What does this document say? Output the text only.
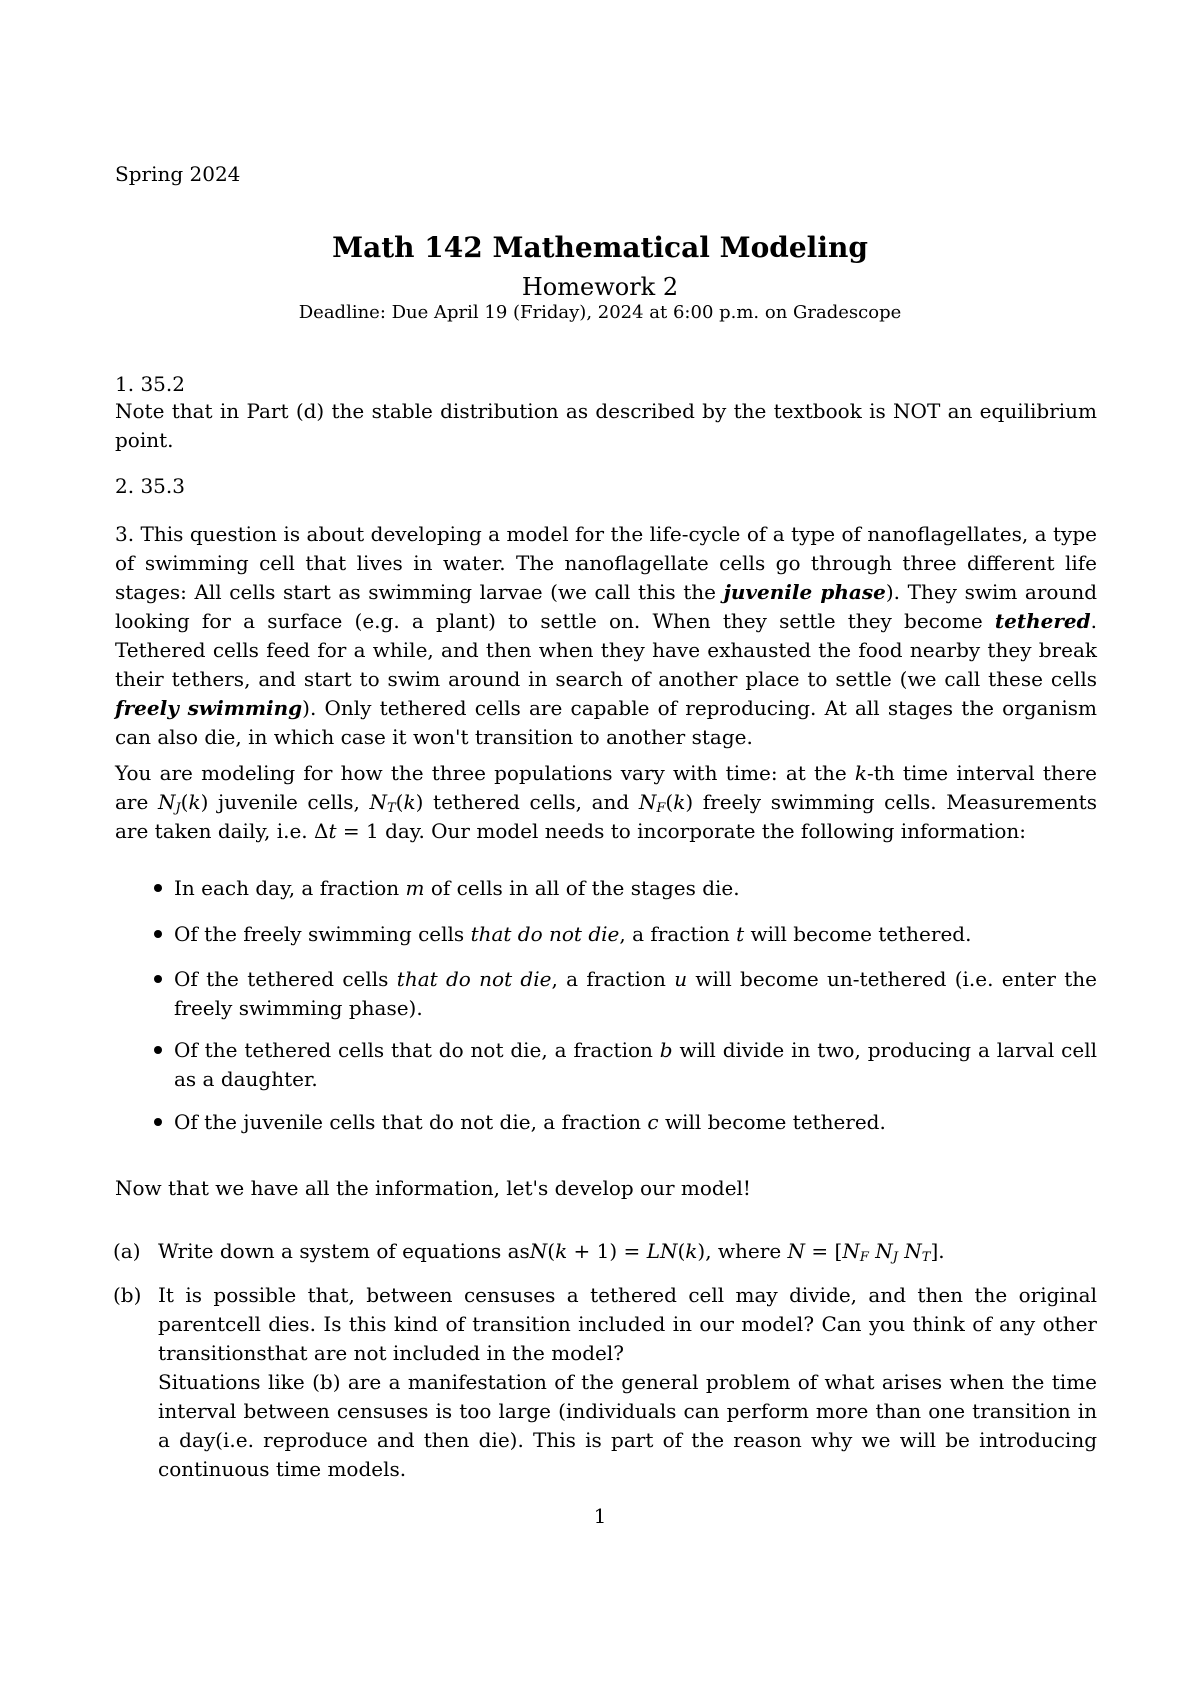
Spring 2024
Math 142 Mathematical Modeling
Homework 2
Deadline: Due April 19 (Friday), 2024 at 6:00 p.m. on Gradescope
1. 35.2
Note that in Part (d) the stable distribution as described by the textbook is NOT an equilibrium point.
2. 35.3
3. This question is about developing a model for the life-cycle of a type of nanoflagellates, a type of swimming cell that lives in water. The nanoflagellate cells go through three different life stages: All cells start as swimming larvae (we call this the juvenile phase). They swim around looking for a surface (e.g. a plant) to settle on. When they settle they become tethered. Tethered cells feed for a while, and then when they have exhausted the food nearby they break their tethers, and start to swim around in search of another place to settle (we call these cells freely swimming). Only tethered cells are capable of reproducing. At all stages the organism can also die, in which case it won't transition to another stage.
You are modeling for how the three populations vary with time: at the k-th time interval there are $N_J(k)$ juvenile cells, $N_T(k)$ tethered cells, and $N_F(k)$ freely swimming cells. Measurements are taken daily, i.e. Δt = 1 day. Our model needs to incorporate the following information:
In each day, a fraction m of cells in all of the stages die.
Of the freely swimming cells that do not die, a fraction t will become tethered.
Of the tethered cells that do not die, a fraction u will become un-tethered (i.e. enter the freely swimming phase).
Of the tethered cells that do not die, a fraction b will divide in two, producing a larval cell as a daughter.
Of the juvenile cells that do not die, a fraction c will become tethered.
Now that we have all the information, let's develop our model!
(a) Write down a system of equations asN(k + 1) = LN(k), where $N = [N_F$ $N_J$ $N_T$].
(b) It is possible that, between censuses a tethered cell may divide, and then the original parentcell dies. Is this kind of transition included in our model? Can you think of any other transitionsthat are not included in the model?
Situations like (b) are a manifestation of the general problem of what arises when the time interval between censuses is too large (individuals can perform more than one transition in a day(i.e. reproduce and then die). This is part of the reason why we will be introducing continuous time models.
1
